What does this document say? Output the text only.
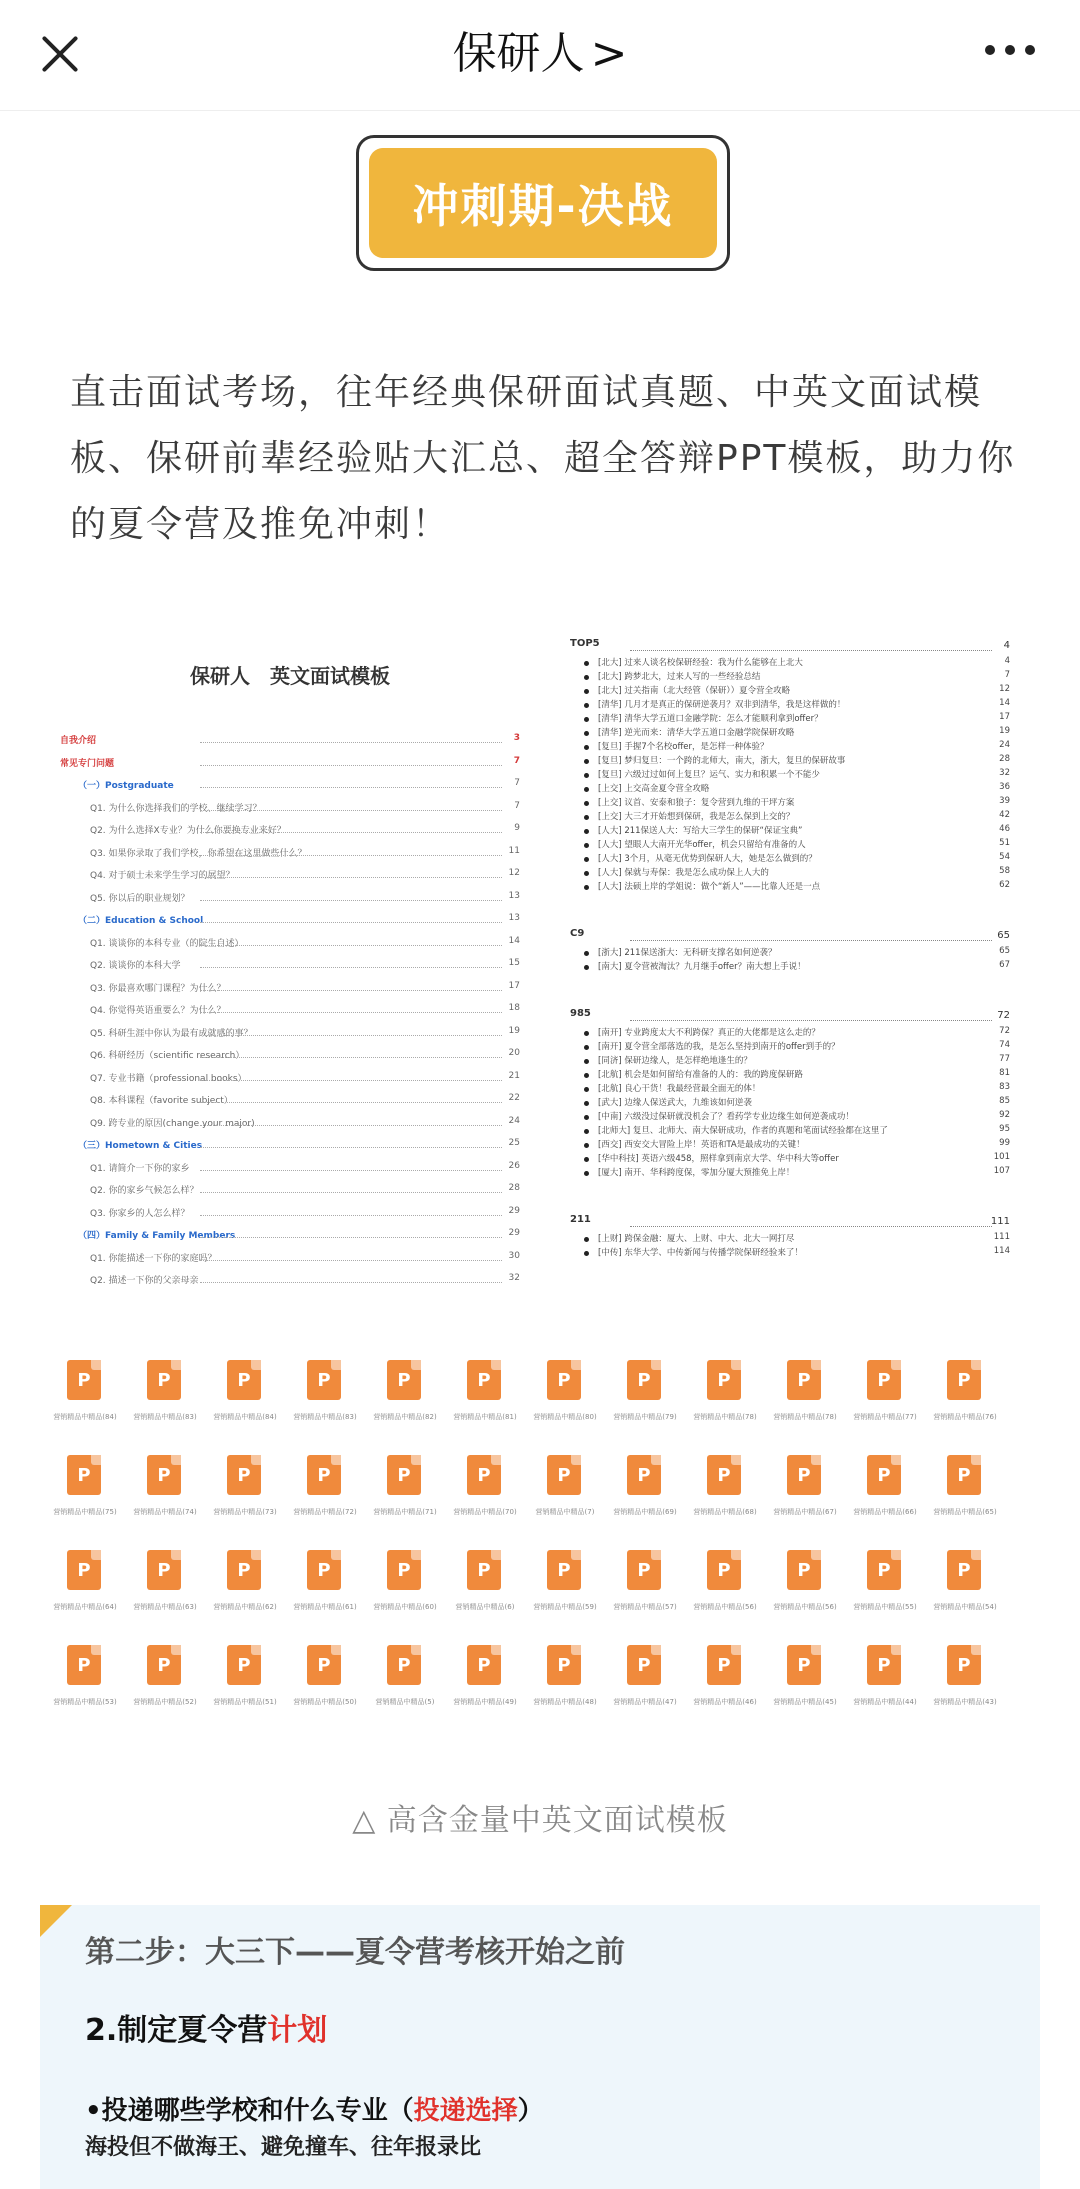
保研人 >
冲刺期-决战
直击面试考场，往年经典保研面试真题、中英文面试模板、保研前辈经验贴大汇总、超全答辩PPT模板，助力你的夏令营及推免冲刺！
保研人　英文面试模板
自我介绍	3
常见专门问题	7
（一）Postgraduate	7
Q1. 为什么你选择我们的学校、继续学习？	7
Q2. 为什么选择X专业？为什么你要换专业来好？	9
Q3. 如果你录取了我们学校，你希望在这里做些什么？	11
Q4. 对于硕士未来学生学习的展望？	12
Q5. 你以后的职业规划？	13
（二）Education & School	13
Q1. 谈谈你的本科专业（的院生自述）	14
Q2. 谈谈你的本科大学	15
Q3. 你最喜欢哪门课程？为什么？	17
Q4. 你觉得英语重要么？为什么？	18
Q5. 科研生涯中你认为最有成就感的事？	19
Q6. 科研经历（scientific research）	20
Q7. 专业书籍（professional books）	21
Q8. 本科课程（favorite subject）	22
Q9. 跨专业的原因(change your major)	24
（三）Hometown & Cities	25
Q1. 请简介一下你的家乡	26
Q2. 你的家乡气候怎么样？	28
Q3. 你家乡的人怎么样？	29
（四）Family & Family Members	29
Q1. 你能描述一下你的家庭吗？	30
Q2. 描述一下你的父亲母亲	32
TOP5	4
[北大] 过来人谈名校保研经验：我为什么能够在上北大	4
[北大] 跨梦北大，过来人写的一些经验总结	7
[北大] 过关指南（北大经管（保研））夏令营全攻略	12
[清华] 几月才是真正的保研逆袭月？双非到清华，我是这样做的！	14
[清华] 清华大学五道口金融学院：怎么才能顺利拿到offer？	17
[清华] 逆光而来：清华大学五道口金融学院保研攻略	19
[复旦] 手握7个名校offer，是怎样一种体验？	24
[复旦] 梦归复旦：一个跨的北师大，南大，浙大，复旦的保研故事	28
[复旦] 六级过过如何上复旦？运气、实力和积累一个不能少	32
[上交] 上交高金夏令营全攻略	36
[上交] 议首、安泰和狼子：复令营到九维的干坪方案	39
[上交] 大三才开始想到保研，我是怎么保到上交的？	42
[人大] 211保送人大：写给大三学生的保研“保证宝典”	46
[人大] 望眼人大南开光华offer，机会只留给有准备的人	51
[人大] 3个月，从毫无优势到保研人大，她是怎么做到的？	54
[人大] 保就与寿保：我是怎么成功保上人大的	58
[人大] 法硕上岸的学姐说：做个“新人”——比靠人还是一点	62
C9	65
[浙大] 211保送浙大：无科研支撑名如何逆袭？	65
[南大] 夏令营被淘汰？九月继手offer？南大想上手说！	67
985	72
[南开] 专业跨度太大不利跨保？真正的大佬都是这么走的？	72
[南开] 夏令营全部落选的我，是怎么坚持到南开的offer到手的？	74
[同济] 保研边缘人，是怎样绝地逢生的？	77
[北航] 机会是如何留给有准备的人的：我的跨度保研路	81
[北航] 良心干货！我最经营最全面无的体！	83
[武大] 边缘人保送武大，九维该如何逆袭	85
[中南] 六级没过保研就没机会了？看药学专业边缘生如何逆袭成功！	92
[北师大] 复旦、北师大、南大保研成功，作者的真题和笔面试经验都在这里了	95
[西交] 西安交大冒险上岸！英语和TA是最成功的关键！	99
[华中科技] 英语六级458，照样拿到南京大学、华中科大等offer	101
[厦大] 南开、华科跨度保，零加分厦大预推免上岸！	107
211	111
[上财] 跨保金融：厦大、上财、中大、北大一网打尽	111
[中传] 东华大学、中传新闻与传播学院保研经验来了！	114
P
营销精品中精品(84)
P
营销精品中精品(83)
P
营销精品中精品(84)
P
营销精品中精品(83)
P
营销精品中精品(82)
P
营销精品中精品(81)
P
营销精品中精品(80)
P
营销精品中精品(79)
P
营销精品中精品(78)
P
营销精品中精品(78)
P
营销精品中精品(77)
P
营销精品中精品(76)
P
营销精品中精品(75)
P
营销精品中精品(74)
P
营销精品中精品(73)
P
营销精品中精品(72)
P
营销精品中精品(71)
P
营销精品中精品(70)
P
营销精品中精品(7)
P
营销精品中精品(69)
P
营销精品中精品(68)
P
营销精品中精品(67)
P
营销精品中精品(66)
P
营销精品中精品(65)
P
营销精品中精品(64)
P
营销精品中精品(63)
P
营销精品中精品(62)
P
营销精品中精品(61)
P
营销精品中精品(60)
P
营销精品中精品(6)
P
营销精品中精品(59)
P
营销精品中精品(57)
P
营销精品中精品(56)
P
营销精品中精品(56)
P
营销精品中精品(55)
P
营销精品中精品(54)
P
营销精品中精品(53)
P
营销精品中精品(52)
P
营销精品中精品(51)
P
营销精品中精品(50)
P
营销精品中精品(5)
P
营销精品中精品(49)
P
营销精品中精品(48)
P
营销精品中精品(47)
P
营销精品中精品(46)
P
营销精品中精品(45)
P
营销精品中精品(44)
P
营销精品中精品(43)
△ 高含金量中英文面试模板
第二步：大三下——夏令营考核开始之前
2.制定夏令营计划
•投递哪些学校和什么专业（投递选择）
海投但不做海王、避免撞车、往年报录比
